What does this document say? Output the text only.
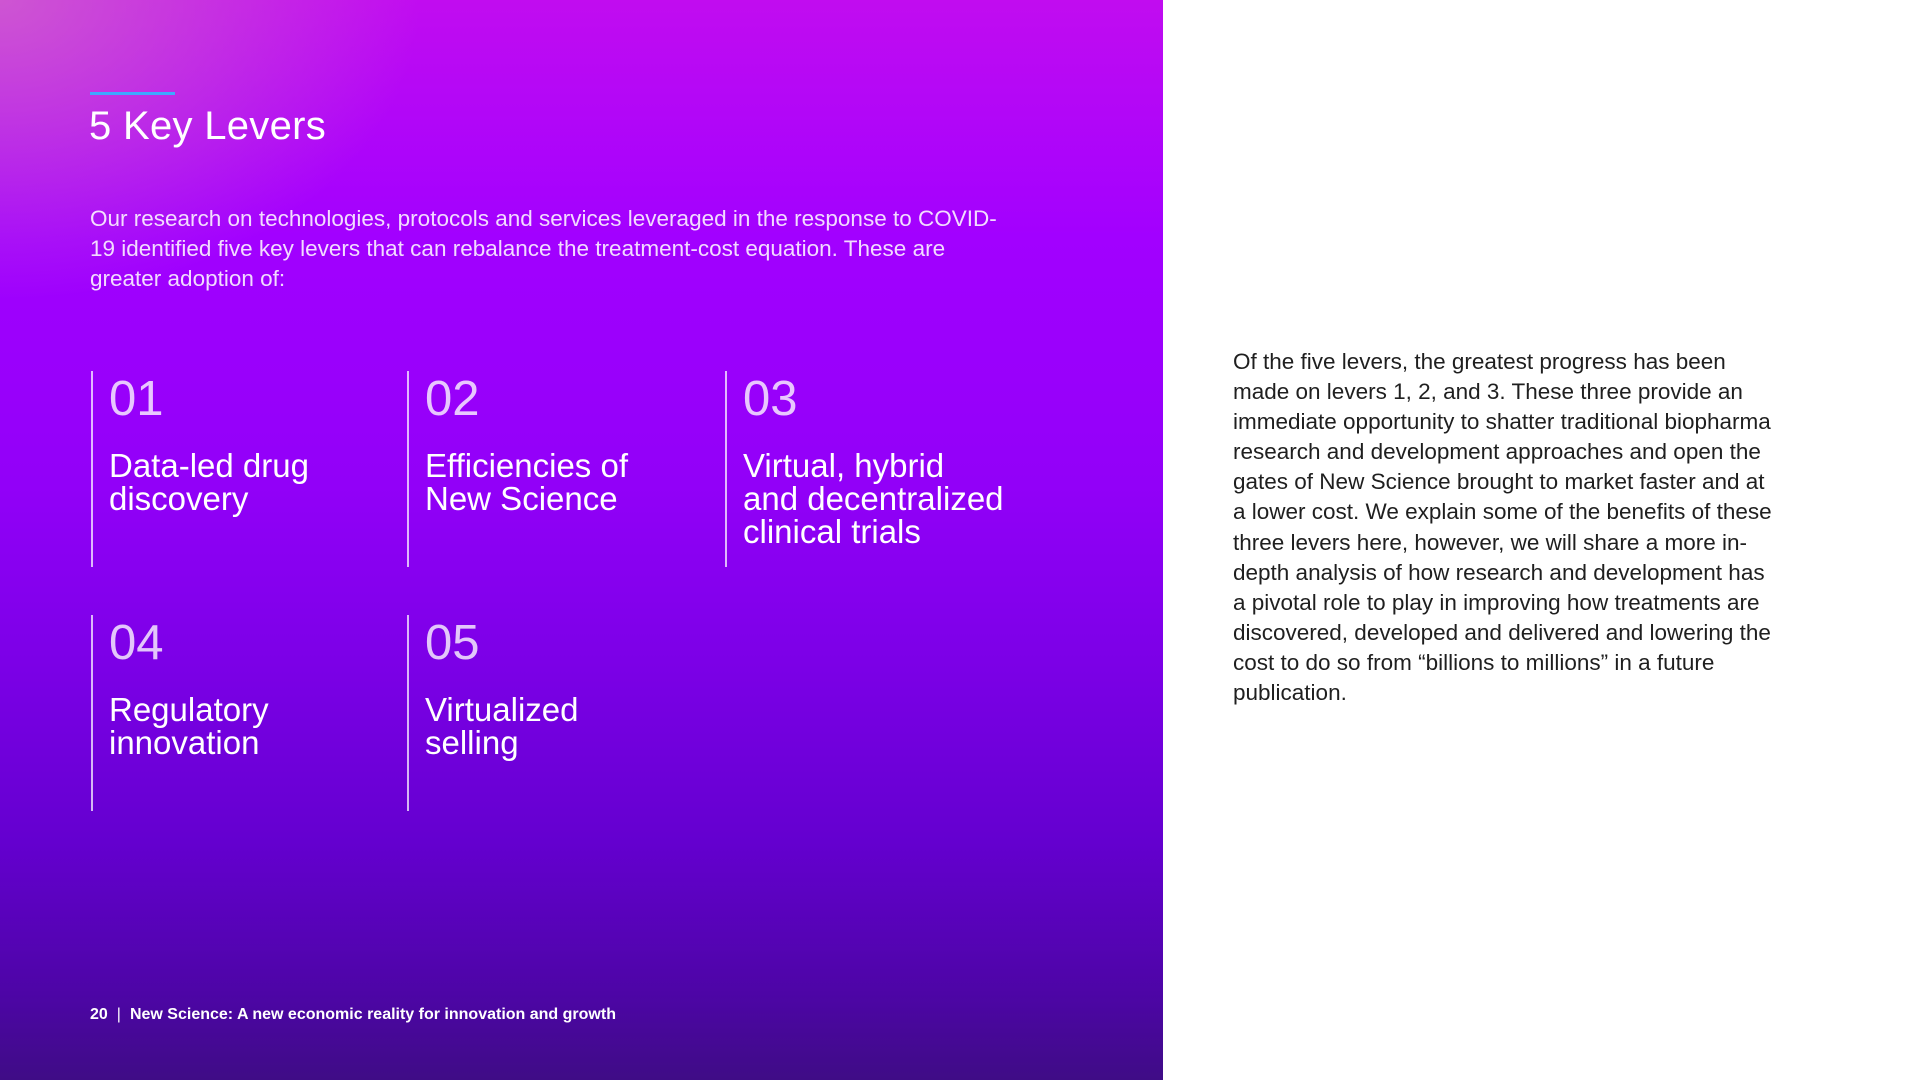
5 Key Levers

Our research on technologies, protocols and services leveraged in the response to COVID-19 identified five key levers that can rebalance the treatment-cost equation. These are greater adoption of:

01
Data-led drug
discovery
02
Efficiencies of
New Science
03
Virtual, hybrid
and decentralized
clinical trials
04
Regulatory
innovation
05
Virtualized
selling
20 | New Science: A new economic reality for innovation and growth

Of the five levers, the greatest progress has been made on levers 1, 2, and 3. These three provide an immediate opportunity to shatter traditional biopharma research and development approaches and open the gates of New Science brought to market faster and at a lower cost. We explain some of the benefits of these three levers here, however, we will share a more in-depth analysis of how research and development has a pivotal role to play in improving how treatments are discovered, developed and delivered and lowering the cost to do so from “billions to millions” in a future publication.
